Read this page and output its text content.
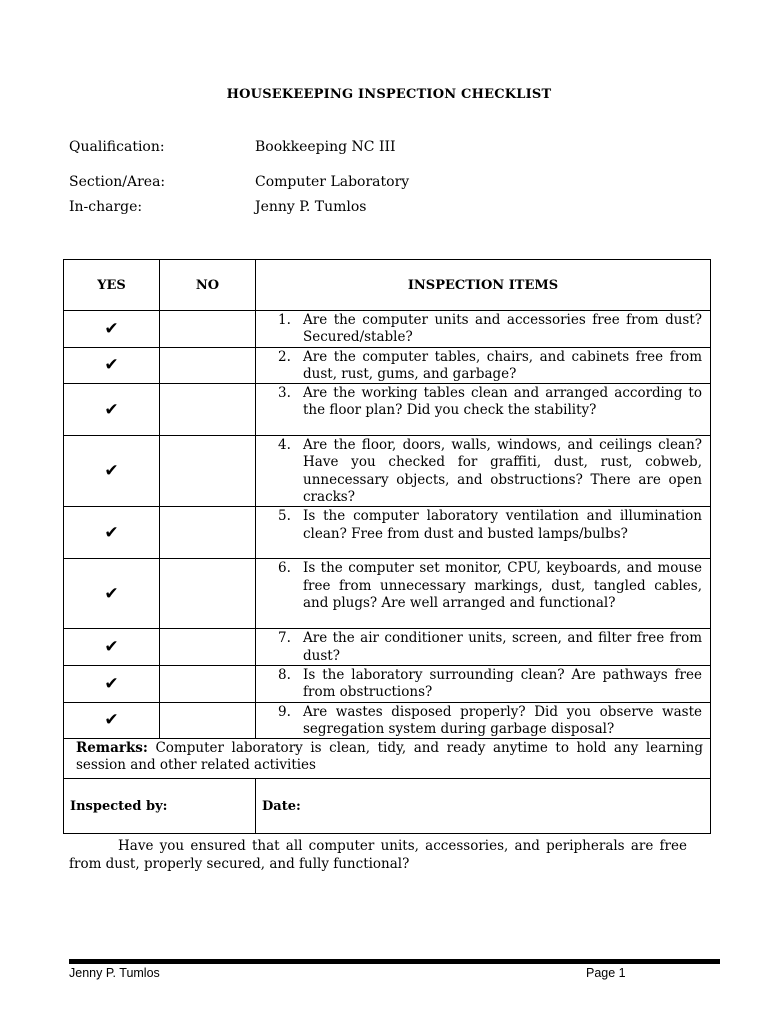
HOUSEKEEPING INSPECTION CHECKLIST
Qualification:	Bookkeeping NC III
Section/Area:	Computer Laboratory
In-charge:	Jenny P. Tumlos
YES	NO	INSPECTION ITEMS
✔		1. Are the computer units and accessories free from dust? Secured/stable?

✔		2. Are the computer tables, chairs, and cabinets free from dust, rust, gums, and garbage?

✔		3. Are the working tables clean and arranged according to the floor plan? Did you check the stability?

✔		4. Are the floor, doors, walls, windows, and ceilings clean? Have you checked for graffiti, dust, rust, cobweb, unnecessary objects, and obstructions? There are open cracks?

✔		5. Is the computer laboratory ventilation and illumination clean? Free from dust and busted lamps/bulbs?

✔		6. Is the computer set monitor, CPU, keyboards, and mouse free from unnecessary markings, dust, tangled cables, and plugs? Are well arranged and functional?

✔		7. Are the air conditioner units, screen, and filter free from dust?

✔		8. Is the laboratory surrounding clean? Are pathways free from obstructions?

✔		9. Are wastes disposed properly? Did you observe waste segregation system during garbage disposal?

Remarks: Computer laboratory is clean, tidy, and ready anytime to hold any learning session and other related activities		

Inspected by:		Date:
Have you ensured that all computer units, accessories, and peripherals are free from dust, properly secured, and fully functional?
Jenny P. Tumlos	Page 1
